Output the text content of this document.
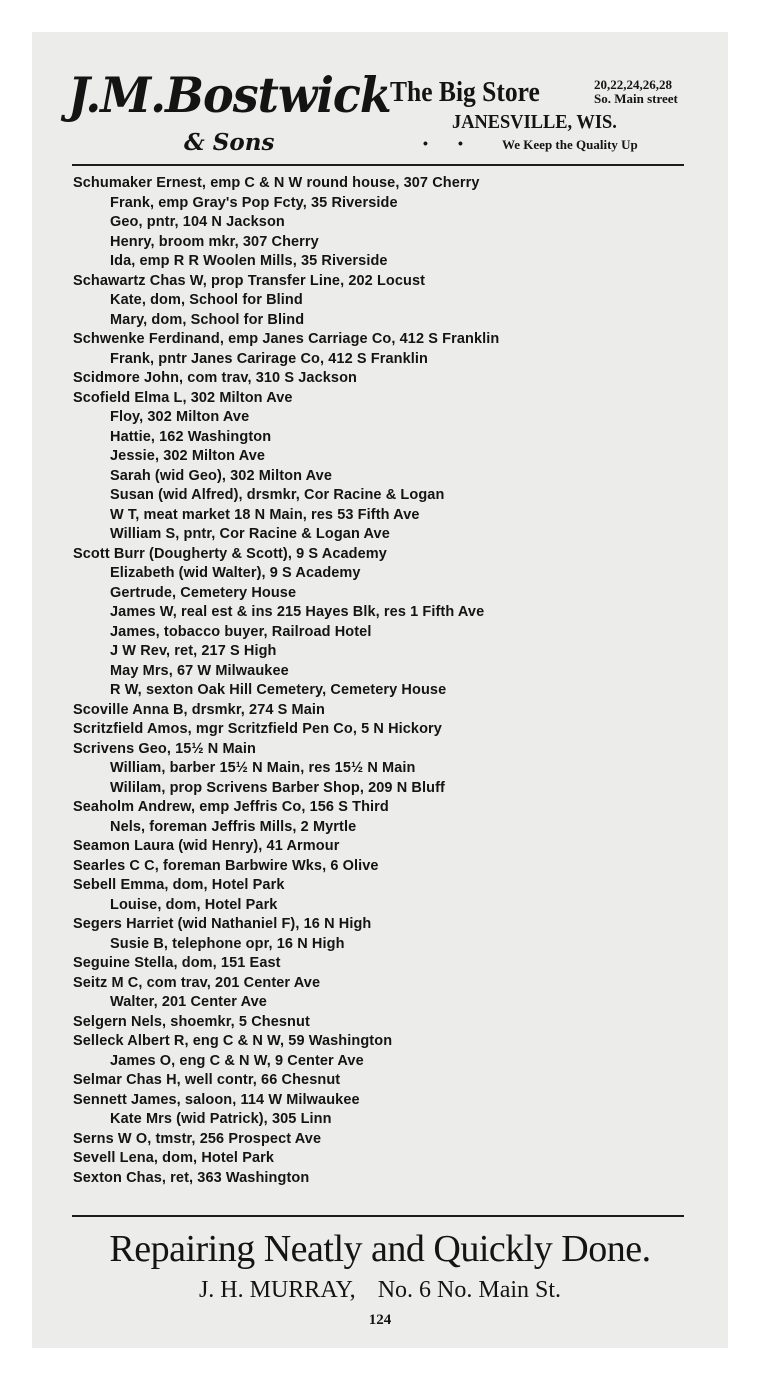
J.M.Bostwick
& Sons
The Big Store	20,22,24,26,28
So. Main street
JANESVILLE, WIS.
• •	We Keep the Quality Up
Schumaker Ernest, emp C & N W round house, 307 Cherry
Frank, emp Gray's Pop Fcty, 35 Riverside
Geo, pntr, 104 N Jackson
Henry, broom mkr, 307 Cherry
Ida, emp R R Woolen Mills, 35 Riverside
Schawartz Chas W, prop Transfer Line, 202 Locust
Kate, dom, School for Blind
Mary, dom, School for Blind
Schwenke Ferdinand, emp Janes Carriage Co, 412 S Franklin
Frank, pntr Janes Carirage Co, 412 S Franklin
Scidmore John, com trav, 310 S Jackson
Scofield Elma L, 302 Milton Ave
Floy, 302 Milton Ave
Hattie, 162 Washington
Jessie, 302 Milton Ave
Sarah (wid Geo), 302 Milton Ave
Susan (wid Alfred), drsmkr, Cor Racine & Logan
W T, meat market 18 N Main, res 53 Fifth Ave
William S, pntr, Cor Racine & Logan Ave
Scott Burr (Dougherty & Scott), 9 S Academy
Elizabeth (wid Walter), 9 S Academy
Gertrude, Cemetery House
James W, real est & ins 215 Hayes Blk, res 1 Fifth Ave
James, tobacco buyer, Railroad Hotel
J W Rev, ret, 217 S High
May Mrs, 67 W Milwaukee
R W, sexton Oak Hill Cemetery, Cemetery House
Scoville Anna B, drsmkr, 274 S Main
Scritzfield Amos, mgr Scritzfield Pen Co, 5 N Hickory
Scrivens Geo, 15½ N Main
William, barber 15½ N Main, res 15½ N Main
Wililam, prop Scrivens Barber Shop, 209 N Bluff
Seaholm Andrew, emp Jeffris Co, 156 S Third
Nels, foreman Jeffris Mills, 2 Myrtle
Seamon Laura (wid Henry), 41 Armour
Searles C C, foreman Barbwire Wks, 6 Olive
Sebell Emma, dom, Hotel Park
Louise, dom, Hotel Park
Segers Harriet (wid Nathaniel F), 16 N High
Susie B, telephone opr, 16 N High
Seguine Stella, dom, 151 East
Seitz M C, com trav, 201 Center Ave
Walter, 201 Center Ave
Selgern Nels, shoemkr, 5 Chesnut
Selleck Albert R, eng C & N W, 59 Washington
James O, eng C & N W, 9 Center Ave
Selmar Chas H, well contr, 66 Chesnut
Sennett James, saloon, 114 W Milwaukee
Kate Mrs (wid Patrick), 305 Linn
Serns W O, tmstr, 256 Prospect Ave
Sevell Lena, dom, Hotel Park
Sexton Chas, ret, 363 Washington
Repairing Neatly and Quickly Done.
J. H. MURRAY, No. 6 No. Main St.
124
